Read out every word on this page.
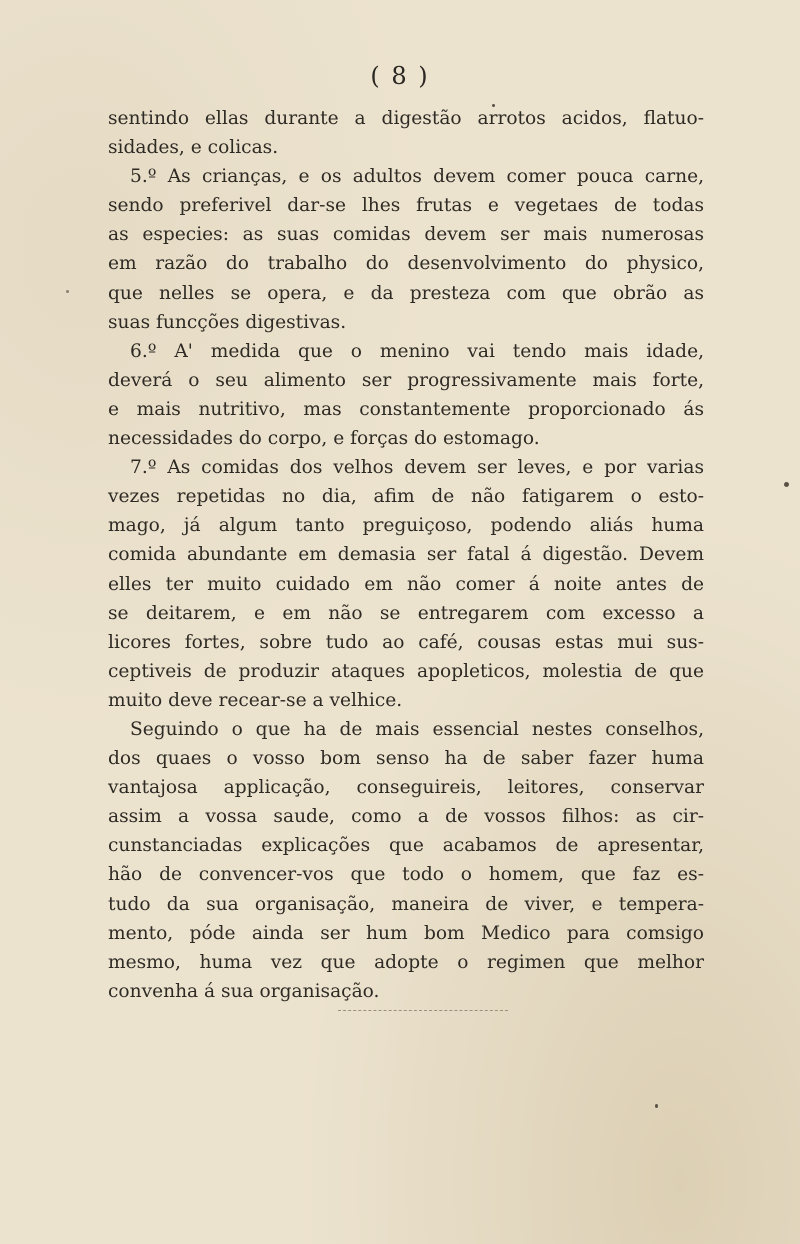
( 8 )
sentindo ellas durante a digestão arrotos acidos, flatuo-
sidades, e colicas.
5.º As crianças, e os adultos devem comer pouca carne,
sendo preferivel dar-se lhes frutas e vegetaes de todas
as especies: as suas comidas devem ser mais numerosas
em razão do trabalho do desenvolvimento do physico,
que nelles se opera, e da presteza com que obrão as
suas funcções digestivas.
6.º A' medida que o menino vai tendo mais idade,
deverá o seu alimento ser progressivamente mais forte,
e mais nutritivo, mas constantemente proporcionado ás
necessidades do corpo, e forças do estomago.
7.º As comidas dos velhos devem ser leves, e por varias
vezes repetidas no dia, afim de não fatigarem o esto-
mago, já algum tanto preguiçoso, podendo aliás huma
comida abundante em demasia ser fatal á digestão. Devem
elles ter muito cuidado em não comer á noite antes de
se deitarem, e em não se entregarem com excesso a
licores fortes, sobre tudo ao café, cousas estas mui sus-
ceptiveis de produzir ataques apopleticos, molestia de que
muito deve recear-se a velhice.
Seguindo o que ha de mais essencial nestes conselhos,
dos quaes o vosso bom senso ha de saber fazer huma
vantajosa applicação, conseguireis, leitores, conservar
assim a vossa saude, como a de vossos filhos: as cir-
cunstanciadas explicações que acabamos de apresentar,
hão de convencer-vos que todo o homem, que faz es-
tudo da sua organisação, maneira de viver, e tempera-
mento, póde ainda ser hum bom Medico para comsigo
mesmo, huma vez que adopte o regimen que melhor
convenha á sua organisação.
